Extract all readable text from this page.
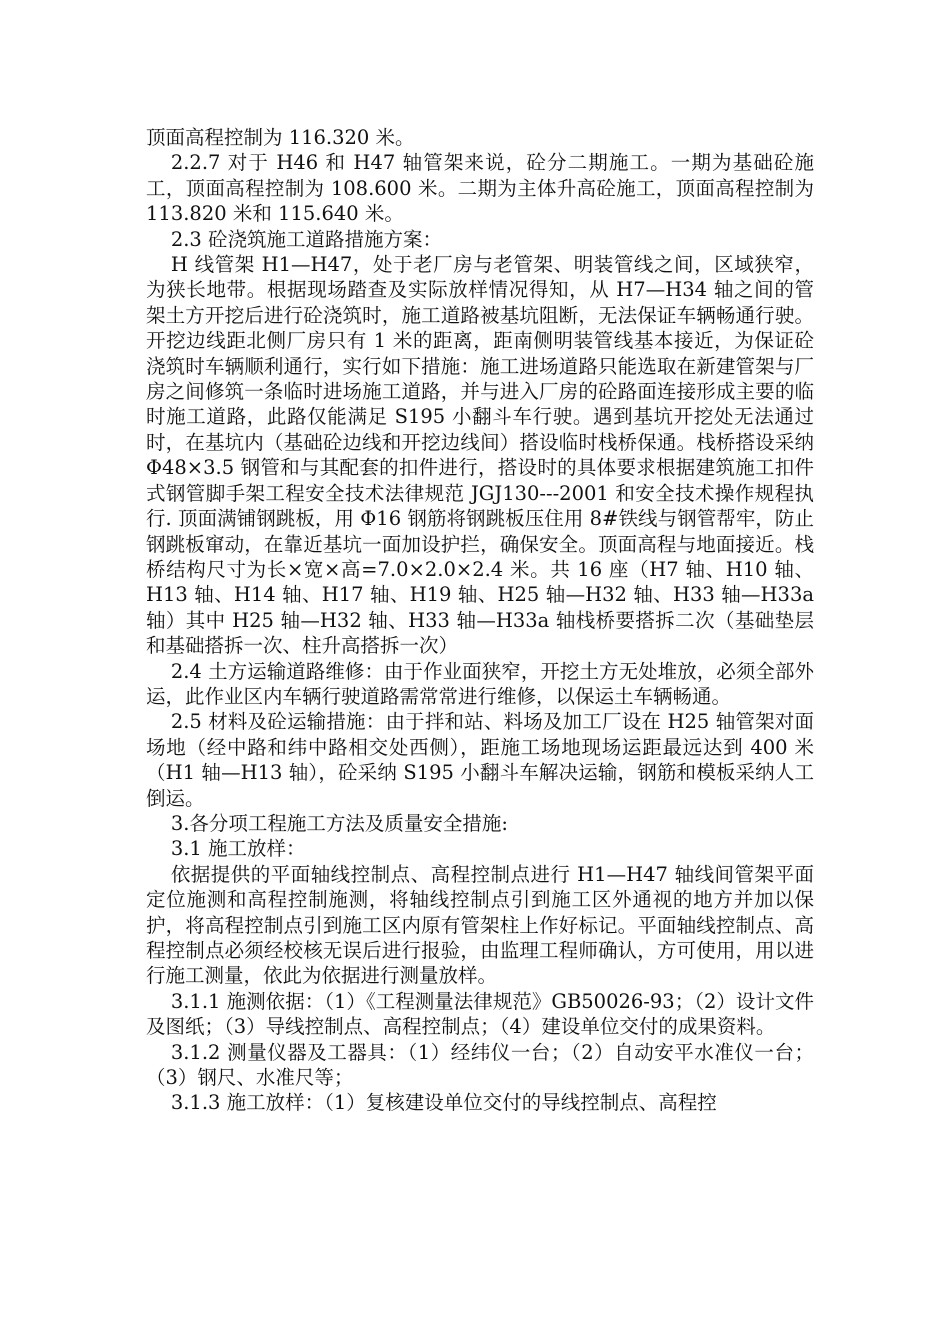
顶面高程控制为 116.320 米。

2.2.7 对于 H46 和 H47 轴管架来说，砼分二期施工。一期为基础砼施工，顶面高程控制为 108.600 米。二期为主体升高砼施工，顶面高程控制为 113.820 米和 115.640 米。

2.3 砼浇筑施工道路措施方案：

H 线管架 H1—H47，处于老厂房与老管架、明装管线之间，区域狭窄，为狭长地带。根据现场踏查及实际放样情况得知，从 H7—H34 轴之间的管架土方开挖后进行砼浇筑时，施工道路被基坑阻断，无法保证车辆畅通行驶。开挖边线距北侧厂房只有 1 米的距离，距南侧明装管线基本接近，为保证砼浇筑时车辆顺利通行，实行如下措施：施工进场道路只能选取在新建管架与厂房之间修筑一条临时进场施工道路，并与进入厂房的砼路面连接形成主要的临时施工道路，此路仅能满足 S195 小翻斗车行驶。遇到基坑开挖处无法通过时，在基坑内（基础砼边线和开挖边线间）搭设临时栈桥保通。栈桥搭设采纳 Φ48×3.5 钢管和与其配套的扣件进行，搭设时的具体要求根据建筑施工扣件式钢管脚手架工程安全技术法律规范 JGJ130---2001 和安全技术操作规程执行. 顶面满铺钢跳板，用 Φ16 钢筋将钢跳板压住用 8#铁线与钢管帮牢，防止钢跳板窜动，在靠近基坑一面加设护拦，确保安全。顶面高程与地面接近。栈桥结构尺寸为长×宽×高=7.0×2.0×2.4 米。共 16 座（H7 轴、H10 轴、H13 轴、H14 轴、H17 轴、H19 轴、H25 轴—H32 轴、H33 轴—H33a 轴）其中 H25 轴—H32 轴、H33 轴—H33a 轴栈桥要搭拆二次（基础垫层和基础搭拆一次、柱升高搭拆一次）

2.4 土方运输道路维修：由于作业面狭窄，开挖土方无处堆放，必须全部外运，此作业区内车辆行驶道路需常常进行维修，以保运土车辆畅通。

2.5 材料及砼运输措施：由于拌和站、料场及加工厂设在 H25 轴管架对面场地（经中路和纬中路相交处西侧），距施工场地现场运距最远达到 400 米（H1 轴—H13 轴），砼采纳 S195 小翻斗车解决运输，钢筋和模板采纳人工倒运。

3.各分项工程施工方法及质量安全措施:

3.1 施工放样：

依据提供的平面轴线控制点、高程控制点进行 H1—H47 轴线间管架平面定位施测和高程控制施测，将轴线控制点引到施工区外通视的地方并加以保护，将高程控制点引到施工区内原有管架柱上作好标记。平面轴线控制点、高程控制点必须经校核无误后进行报验，由监理工程师确认，方可使用，用以进行施工测量，依此为依据进行测量放样。

3.1.1 施测依据：（1）《工程测量法律规范》GB50026-93；（2）设计文件及图纸；（3）导线控制点、高程控制点；（4）建设单位交付的成果资料。

3.1.2 测量仪器及工器具：（1）经纬仪一台；（2）自动安平水准仪一台；（3）钢尺、水准尺等；

3.1.3 施工放样：（1）复核建设单位交付的导线控制点、高程控
